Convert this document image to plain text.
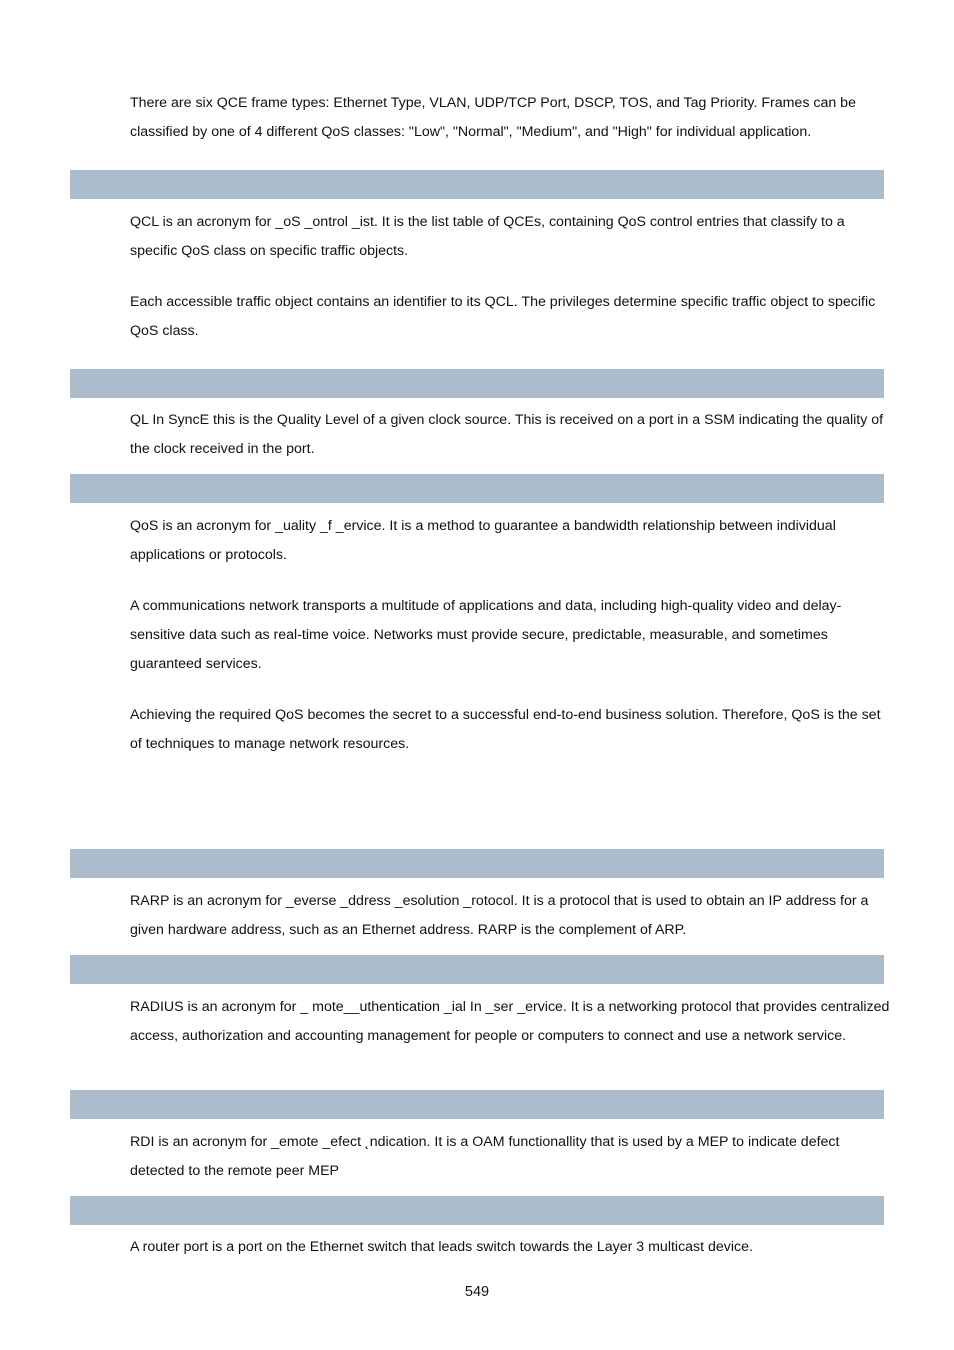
There are six QCE frame types: Ethernet Type, VLAN, UDP/TCP Port, DSCP, TOS, and Tag Priority. Frames can be classified by one of 4 different QoS classes: "Low", "Normal", "Medium", and "High" for individual application.

QCL is an acronym for _oS _ontrol _ist. It is the list table of QCEs, containing QoS control entries that classify to a specific QoS class on specific traffic objects.

Each accessible traffic object contains an identifier to its QCL. The privileges determine specific traffic object to specific QoS class.

QL In SyncE this is the Quality Level of a given clock source. This is received on a port in a SSM indicating the quality of the clock received in the port.

QoS is an acronym for _uality _f _ervice. It is a method to guarantee a bandwidth relationship between individual applications or protocols.

A communications network transports a multitude of applications and data, including high-quality video and delay-sensitive data such as real-time voice. Networks must provide secure, predictable, measurable, and sometimes guaranteed services.

Achieving the required QoS becomes the secret to a successful end-to-end business solution. Therefore, QoS is the set of techniques to manage network resources.

RARP is an acronym for _everse _ddress _esolution _rotocol. It is a protocol that is used to obtain an IP address for a given hardware address, such as an Ethernet address. RARP is the complement of ARP.

RADIUS is an acronym for _ mote__uthentication _ial In _ser _ervice. It is a networking protocol that provides centralized access, authorization and accounting management for people or computers to connect and use a network service.

RDI is an acronym for _emote _efect ˛ndication. It is a OAM functionallity that is used by a MEP to indicate defect detected to the remote peer MEP

A router port is a port on the Ethernet switch that leads switch towards the Layer 3 multicast device.

549
